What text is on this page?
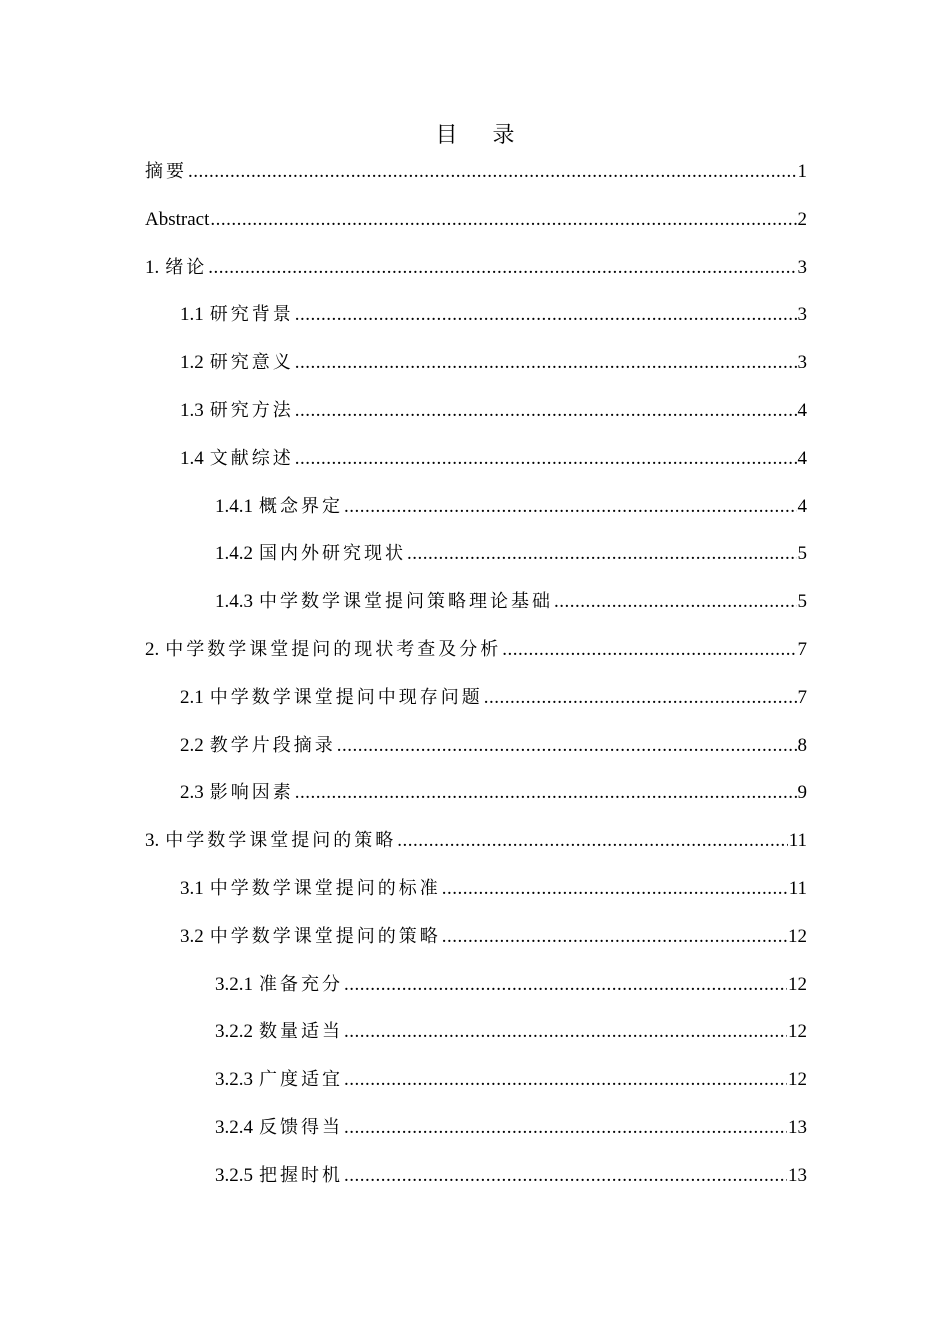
目 录
摘要 .....	1
Abstract .....	2
1. 绪论 .....	3
1.1 研究背景 .....	3
1.2 研究意义 .....	3
1.3 研究方法 .....	4
1.4 文献综述 .....	4
1.4.1 概念界定 .....	4
1.4.2 国内外研究现状 .....	5
1.4.3 中学数学课堂提问策略理论基础 .....	5
2. 中学数学课堂提问的现状考查及分析 .....	7
2.1 中学数学课堂提问中现存问题 .....	7
2.2 教学片段摘录 .....	8
2.3 影响因素 .....	9
3. 中学数学课堂提问的策略 .....	11
3.1 中学数学课堂提问的标准 .....	11
3.2 中学数学课堂提问的策略 .....	12
3.2.1 准备充分 .....	12
3.2.2 数量适当 .....	12
3.2.3 广度适宜 .....	12
3.2.4 反馈得当 .....	13
3.2.5 把握时机 .....	13
